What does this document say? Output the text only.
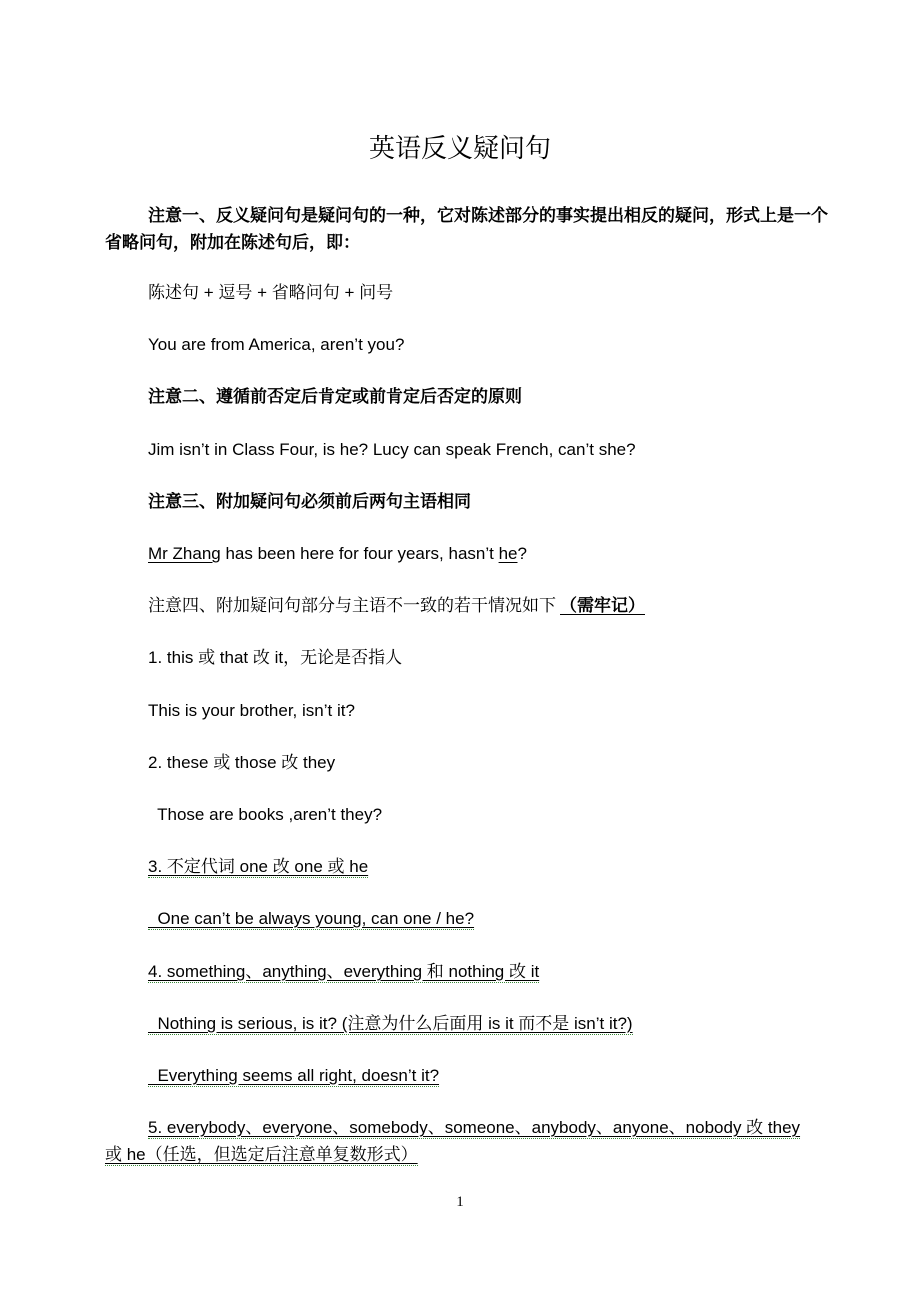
英语反义疑问句
注意一、反义疑问句是疑问句的一种，它对陈述部分的事实提出相反的疑问，形式上是一个省略问句，附加在陈述句后，即：
陈述句 + 逗号 + 省略问句 + 问号
You are from America, aren’t you?
注意二、遵循前否定后肯定或前肯定后否定的原则
Jim isn’t in Class Four, is he? Lucy can speak French, can’t she?
注意三、附加疑问句必须前后两句主语相同
Mr Zhang has been here for four years, hasn’t he?
注意四、附加疑问句部分与主语不一致的若干情况如下 （需牢记）
1. this 或 that 改 it，无论是否指人
This is your brother, isn’t it?
2. these 或 those 改 they
Those are books ,aren’t they?
3. 不定代词 one 改 one 或 he
One can’t be always young, can one / he?
4. something、anything、everything 和 nothing 改 it
Nothing is serious, is it? (注意为什么后面用 is it 而不是 isn’t it?)
Everything seems all right, doesn’t it?
5. everybody、everyone、somebody、someone、anybody、anyone、nobody 改 they
或 he（任选，但选定后注意单复数形式）
1
